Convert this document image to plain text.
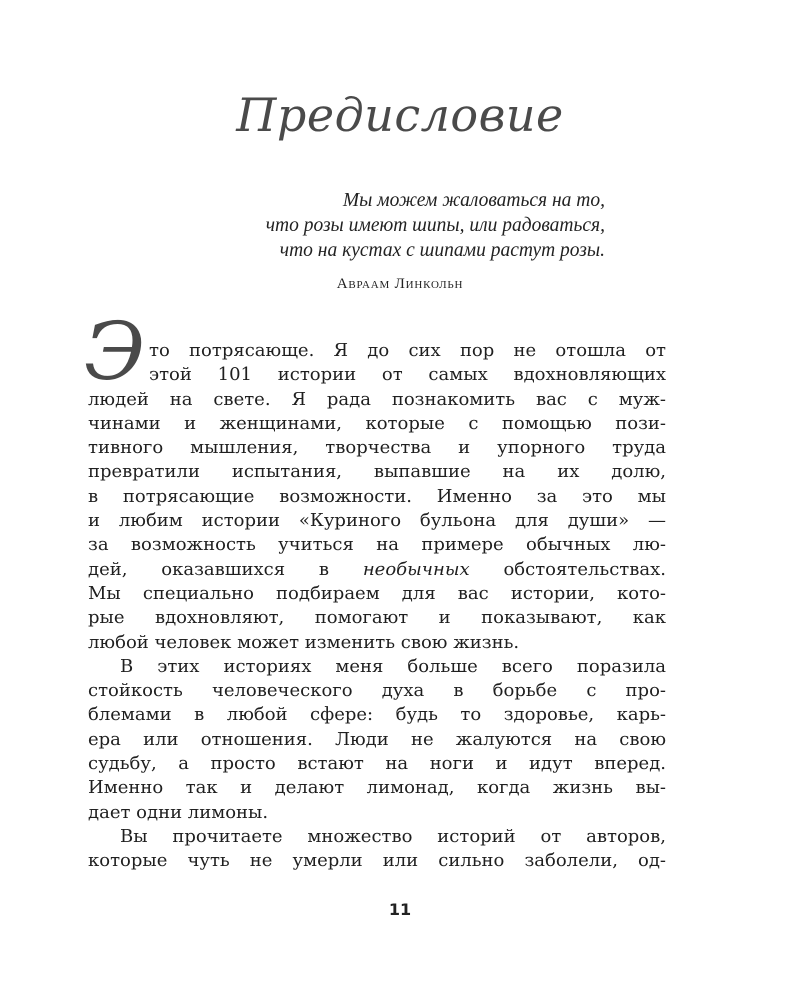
Предисловие
Мы можем жаловаться на то,
что розы имеют шипы, или радоваться,
что на кустах с шипами растут розы.
Авраам Линкольн
Э то потрясающе. Я до сих пор не отошла от
этой 101 истории от самых вдохновляющих
людей на свете. Я рада познакомить вас с муж-
чинами и женщинами, которые с помощью пози-
тивного мышления, творчества и упорного труда
превратили испытания, выпавшие на их долю,
в потрясающие возможности. Именно за это мы
и любим истории «Куриного бульона для души» —
за возможность учиться на примере обычных лю-
дей, оказавшихся в необычных обстоятельствах.
Мы специально подбираем для вас истории, кото-
рые вдохновляют, помогают и показывают, как
любой человек может изменить свою жизнь.
В этих историях меня больше всего поразила
стойкость человеческого духа в борьбе с про-
блемами в любой сфере: будь то здоровье, карь-
ера или отношения. Люди не жалуются на свою
судьбу, а просто встают на ноги и идут вперед.
Именно так и делают лимонад, когда жизнь вы-
дает одни лимоны.
Вы прочитаете множество историй от авторов,
которые чуть не умерли или сильно заболели, од-
11
